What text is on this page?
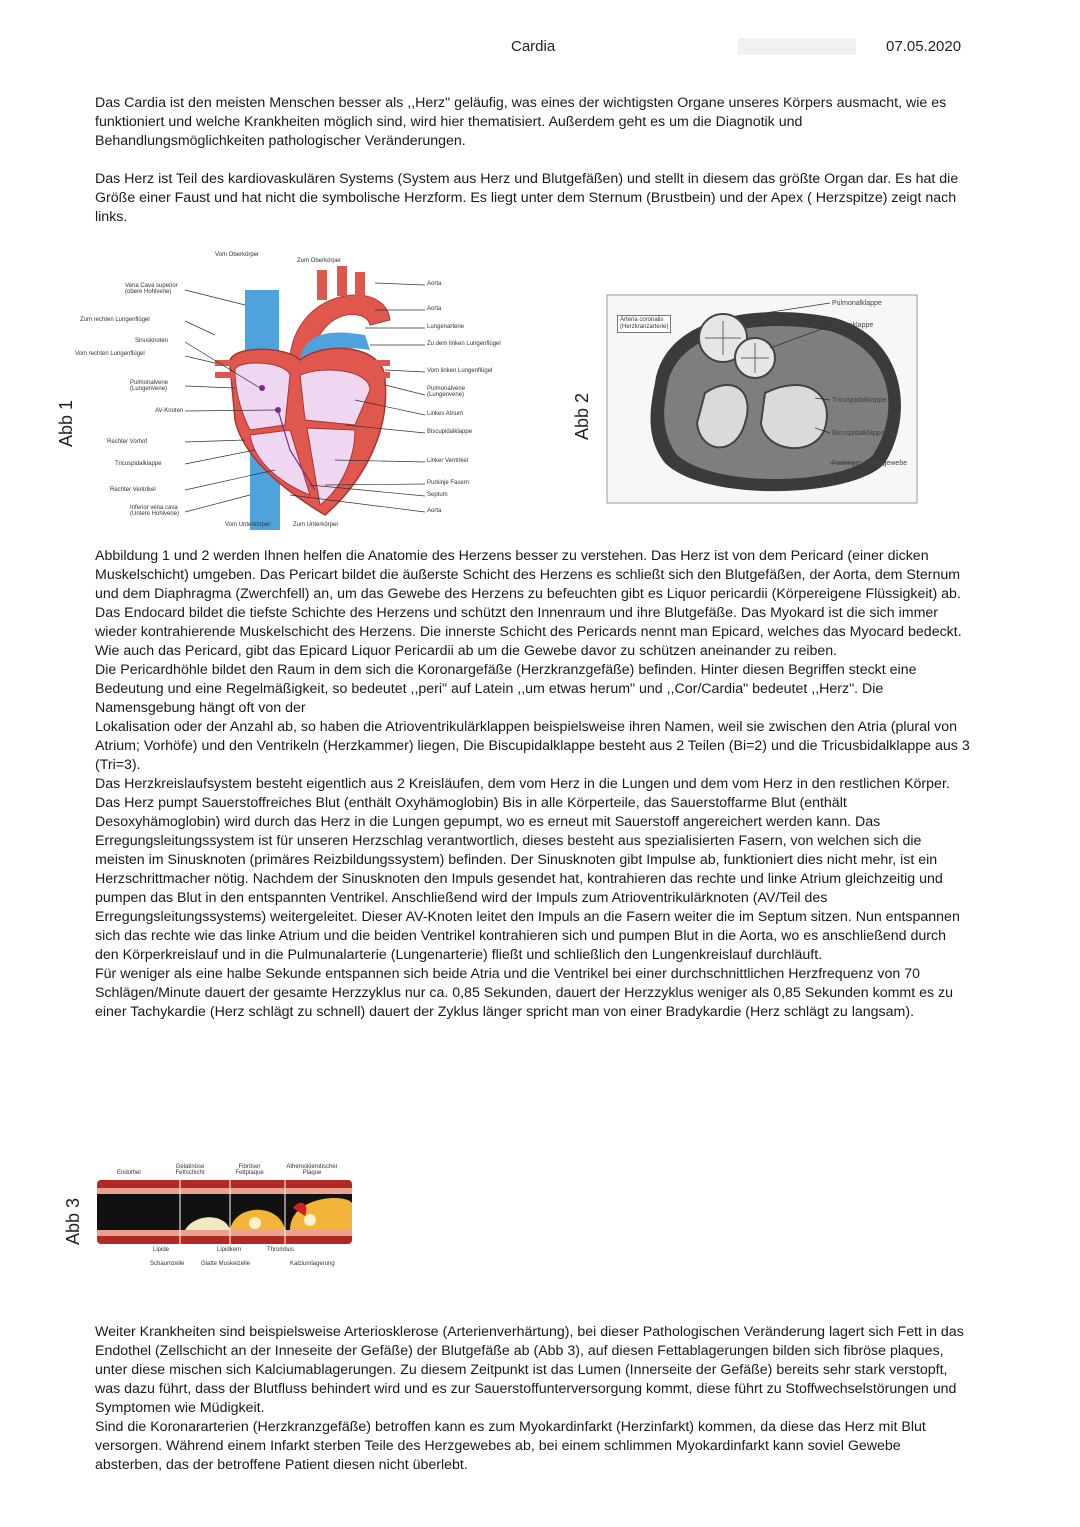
Cardia	07.05.2020

Das Cardia ist den meisten Menschen besser als ,,Herz" geläufig, was eines der wichtigsten Organe unseres Körpers ausmacht, wie es funktioniert und welche Krankheiten möglich sind, wird hier thematisiert. Außerdem geht es um die Diagnotik und Behandlungsmöglichkeiten pathologischer Veränderungen.

Das Herz ist Teil des kardiovaskulären Systems (System aus Herz und Blutgefäßen) und stellt in diesem das größte Organ dar. Es hat die Größe einer Faust und hat nicht die symbolische Herzform. Es liegt unter dem Sternum (Brustbein) und der Apex ( Herzspitze) zeigt nach links.

Abb 1
Vom Oberkörper
Zum Oberkörper
Vena Cava superior (obere Hohlvene)
Zum rechten Lungenflügel
Sinusknoten
Vom rechten Lungenflügel
Pulmonalvene (Lungenvene)
AV-Knoten
Rechter Vorhof
Tricuspidalklappe
Rechter Ventrikel
Inferior vena cava (Untere Hohlvene)
Aorta
Aorta
Lungenarterie
Zu dem linken Lungenflügel
Vom linken Lungenflügel
Pulmonalvene (Lungenvene)
Linkes Atrium
Biscupidalklappe
Linker Ventrikel
Purkinje Fasern
Septum
Aorta
Vom Unterkörper	Zum Unterkörper
Abb 2
Arteria coronalis
(Herzkranzarterie)
Pulmonalklappe
Aortenklappe
Tricuspidalklappe
Bicuspidalklappe
Faseriges Bindegewebe

Abbildung 1 und 2 werden Ihnen helfen die Anatomie des Herzens besser zu verstehen. Das Herz ist von dem Pericard (einer dicken Muskelschicht) umgeben. Das Pericart bildet die äußerste Schicht des Herzens es schließt sich den Blutgefäßen, der Aorta, dem Sternum und dem Diaphragma (Zwerchfell) an, um das Gewebe des Herzens zu befeuchten gibt es Liquor pericardii (Körpereigene Flüssigkeit) ab. Das Endocard bildet die tiefste Schichte des Herzens und schützt den Innenraum und ihre Blutgefäße. Das Myokard ist die sich immer wieder kontrahierende Muskelschicht des Herzens. Die innerste Schicht des Pericards nennt man Epicard, welches das Myocard bedeckt. Wie auch das Pericard, gibt das Epicard Liquor Pericardii ab um die Gewebe davor zu schützen aneinander zu reiben.

Die Pericardhöhle bildet den Raum in dem sich die Koronargefäße (Herzkranzgefäße) befinden. Hinter diesen Begriffen steckt eine Bedeutung und eine Regelmäßigkeit, so bedeutet ,,peri" auf Latein ,,um etwas herum" und ,,Cor/Cardia" bedeutet ,,Herz". Die Namensgebung hängt oft von der

Lokalisation oder der Anzahl ab, so haben die Atrioventrikulärklappen beispielsweise ihren Namen, weil sie zwischen den Atria (plural von Atrium; Vorhöfe) und den Ventrikeln (Herzkammer) liegen, Die Biscupidalklappe besteht aus 2 Teilen (Bi=2) und die Tricusbidalklappe aus 3 (Tri=3).

Das Herzkreislaufsystem besteht eigentlich aus 2 Kreisläufen, dem vom Herz in die Lungen und dem vom Herz in den restlichen Körper. Das Herz pumpt Sauerstoffreiches Blut (enthält Oxyhämoglobin) Bis in alle Körperteile, das Sauerstoffarme Blut (enthält Desoxyhämoglobin) wird durch das Herz in die Lungen gepumpt, wo es erneut mit Sauerstoff angereichert werden kann. Das Erregungsleitungssystem ist für unseren Herzschlag verantwortlich, dieses besteht aus spezialisierten Fasern, von welchen sich die meisten im Sinusknoten (primäres Reizbildungssystem) befinden. Der Sinusknoten gibt Impulse ab, funktioniert dies nicht mehr, ist ein Herzschrittmacher nötig. Nachdem der Sinusknoten den Impuls gesendet hat, kontrahieren das rechte und linke Atrium gleichzeitig und pumpen das Blut in den entspannten Ventrikel. Anschließend wird der Impuls zum Atrioventrikulärknoten (AV/Teil des Erregungsleitungssystems) weitergeleitet. Dieser AV-Knoten leitet den Impuls an die Fasern weiter die im Septum sitzen. Nun entspannen sich das rechte wie das linke Atrium und die beiden Ventrikel kontrahieren sich und pumpen Blut in die Aorta, wo es anschließend durch den Körperkreislauf und in die Pulmunalarterie (Lungenarterie) fließt und schließlich den Lungenkreislauf durchläuft.

Für weniger als eine halbe Sekunde entspannen sich beide Atria und die Ventrikel bei einer durchschnittlichen Herzfrequenz von 70 Schlägen/Minute dauert der gesamte Herzzyklus nur ca. 0,85 Sekunden, dauert der Herzzyklus weniger als 0,85 Sekunden kommt es zu einer Tachykardie (Herz schlägt zu schnell) dauert der Zyklus länger spricht man von einer Bradykardie (Herz schlägt zu langsam).

Abb 3
Endothel
Gelatinöse Fettschicht
Fibröser Fettplaque
Atherosklerotischer Plaque
Lipide	Lipidkern	Thrombus
Schaumzelle	Glatte Muskelzelle	Kalziumlagerung

Weiter Krankheiten sind beispielsweise Arteriosklerose (Arterienverhärtung), bei dieser Pathologischen Veränderung lagert sich Fett in das Endothel (Zellschicht an der Inneseite der Gefäße) der Blutgefäße ab (Abb 3), auf diesen Fettablagerungen bilden sich fibröse plaques, unter diese mischen sich Kalciumablagerungen. Zu diesem Zeitpunkt ist das Lumen (Innerseite der Gefäße) bereits sehr stark verstopft, was dazu führt, dass der Blutfluss behindert wird und es zur Sauerstoffunterversorgung kommt, diese führt zu Stoffwechselstörungen und Symptomen wie Müdigkeit.

Sind die Koronararterien (Herzkranzgefäße) betroffen kann es zum Myokardinfarkt (Herzinfarkt) kommen, da diese das Herz mit Blut versorgen. Während einem Infarkt sterben Teile des Herzgewebes ab, bei einem schlimmen Myokardinfarkt kann soviel Gewebe absterben, das der betroffene Patient diesen nicht überlebt.
